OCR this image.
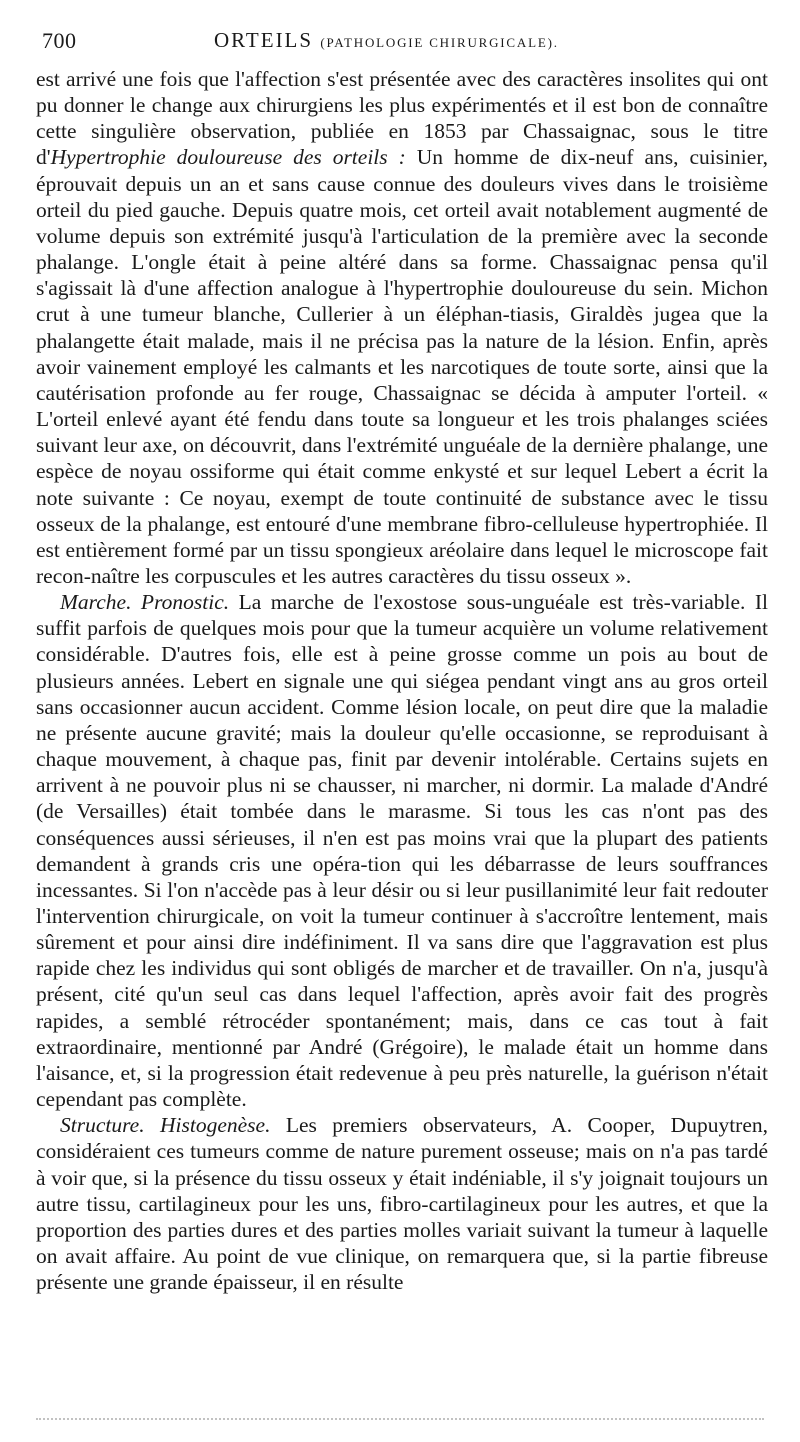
700	ORTEILS (PATHOLOGIE CHIRURGICALE).

est arrivé une fois que l'affection s'est présentée avec des caractères insolites qui ont pu donner le change aux chirurgiens les plus expérimentés et il est bon de connaître cette singulière observation, publiée en 1853 par Chassaignac, sous le titre d'Hypertrophie douloureuse des orteils : Un homme de dix-neuf ans, cuisinier, éprouvait depuis un an et sans cause connue des douleurs vives dans le troisième orteil du pied gauche. Depuis quatre mois, cet orteil avait notablement augmenté de volume depuis son extrémité jusqu'à l'articulation de la première avec la seconde phalange. L'ongle était à peine altéré dans sa forme. Chassaignac pensa qu'il s'agissait là d'une affection analogue à l'hypertrophie douloureuse du sein. Michon crut à une tumeur blanche, Cullerier à un éléphan-tiasis, Giraldès jugea que la phalangette était malade, mais il ne précisa pas la nature de la lésion. Enfin, après avoir vainement employé les calmants et les narcotiques de toute sorte, ainsi que la cautérisation profonde au fer rouge, Chassaignac se décida à amputer l'orteil. « L'orteil enlevé ayant été fendu dans toute sa longueur et les trois phalanges sciées suivant leur axe, on découvrit, dans l'extrémité unguéale de la dernière phalange, une espèce de noyau ossiforme qui était comme enkysté et sur lequel Lebert a écrit la note suivante : Ce noyau, exempt de toute continuité de substance avec le tissu osseux de la phalange, est entouré d'une membrane fibro-celluleuse hypertrophiée. Il est entièrement formé par un tissu spongieux aréolaire dans lequel le microscope fait recon-naître les corpuscules et les autres caractères du tissu osseux ».

Marche. Pronostic. La marche de l'exostose sous-unguéale est très-variable. Il suffit parfois de quelques mois pour que la tumeur acquière un volume relativement considérable. D'autres fois, elle est à peine grosse comme un pois au bout de plusieurs années. Lebert en signale une qui siégea pendant vingt ans au gros orteil sans occasionner aucun accident. Comme lésion locale, on peut dire que la maladie ne présente aucune gravité; mais la douleur qu'elle occasionne, se reproduisant à chaque mouvement, à chaque pas, finit par devenir intolérable. Certains sujets en arrivent à ne pouvoir plus ni se chausser, ni marcher, ni dormir. La malade d'André (de Versailles) était tombée dans le marasme. Si tous les cas n'ont pas des conséquences aussi sérieuses, il n'en est pas moins vrai que la plupart des patients demandent à grands cris une opéra-tion qui les débarrasse de leurs souffrances incessantes. Si l'on n'accède pas à leur désir ou si leur pusillanimité leur fait redouter l'intervention chirurgicale, on voit la tumeur continuer à s'accroître lentement, mais sûrement et pour ainsi dire indéfiniment. Il va sans dire que l'aggravation est plus rapide chez les individus qui sont obligés de marcher et de travailler. On n'a, jusqu'à présent, cité qu'un seul cas dans lequel l'affection, après avoir fait des progrès rapides, a semblé rétrocéder spontanément; mais, dans ce cas tout à fait extraordinaire, mentionné par André (Grégoire), le malade était un homme dans l'aisance, et, si la progression était redevenue à peu près naturelle, la guérison n'était cependant pas complète.

Structure. Histogenèse. Les premiers observateurs, A. Cooper, Dupuytren, considéraient ces tumeurs comme de nature purement osseuse; mais on n'a pas tardé à voir que, si la présence du tissu osseux y était indéniable, il s'y joignait toujours un autre tissu, cartilagineux pour les uns, fibro-cartilagineux pour les autres, et que la proportion des parties dures et des parties molles variait suivant la tumeur à laquelle on avait affaire. Au point de vue clinique, on remarquera que, si la partie fibreuse présente une grande épaisseur, il en résulte
